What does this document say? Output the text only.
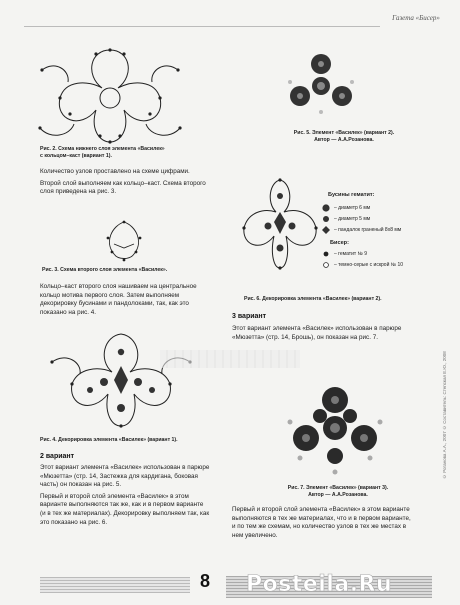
Газета «Бисер»
Рис. 2. Схема нижнего слоя элемента «Василек»
с кольцом–каст (вариант 1).

Количество узлов проставлено на схеме цифрами.

Второй слой выполняем как кольцо–каст. Схема второго слоя приведена на рис. 3.

Рис. 3. Схема второго слоя элемента «Василек».

Кольцо–каст второго слоя нашиваем на центральное кольцо мотива первого слоя. Затем выполняем декорировку бусинами и пандолоками, так, как это показано на рис. 4.

Рис. 4. Декорировка элемента «Василек» (вариант 1).
2 вариант

Этот вариант элемента «Василек» использован в парюре «Мюзетта» (стр. 14, Застежка для кардигана, боковая часть) он показан на рис. 5.

Первый и второй слой элемента «Василек» в этом варианте выполняются так же, как и в первом варианте (и в тех же материалах). Декорировку выполняем так, как это показано на рис. 6.

Рис. 5. Элемент «Василек» (вариант 2).
Автор — А.А.Розанова.
Бусины гематит:
– диаметр 6 мм
– диаметр 5 мм
– пандалок граненый 8х8 мм
Бисер:
– гематит № 9
– темно-серые с искрой № 10
Рис. 6. Декорировка элемента «Василек» (вариант 2).
3 вариант

Этот вариант элемента «Василек» использован в парюре «Мюзетта» (стр. 14, Брошь), он показан на рис. 7.

Рис. 7. Элемент «Василек» (вариант 3).
Автор — А.А.Розанова.

Первый и второй слой элемента «Василек» в этом варианте выполняются в тех же материалах, что и в первом варианте, и по тем же схемам, но количество узлов в тех же местах в нем увеличено.

© Роганова А.А., 2007 © Составитель: Степская Е.Ю., 2008
8 Posteila.Ru
